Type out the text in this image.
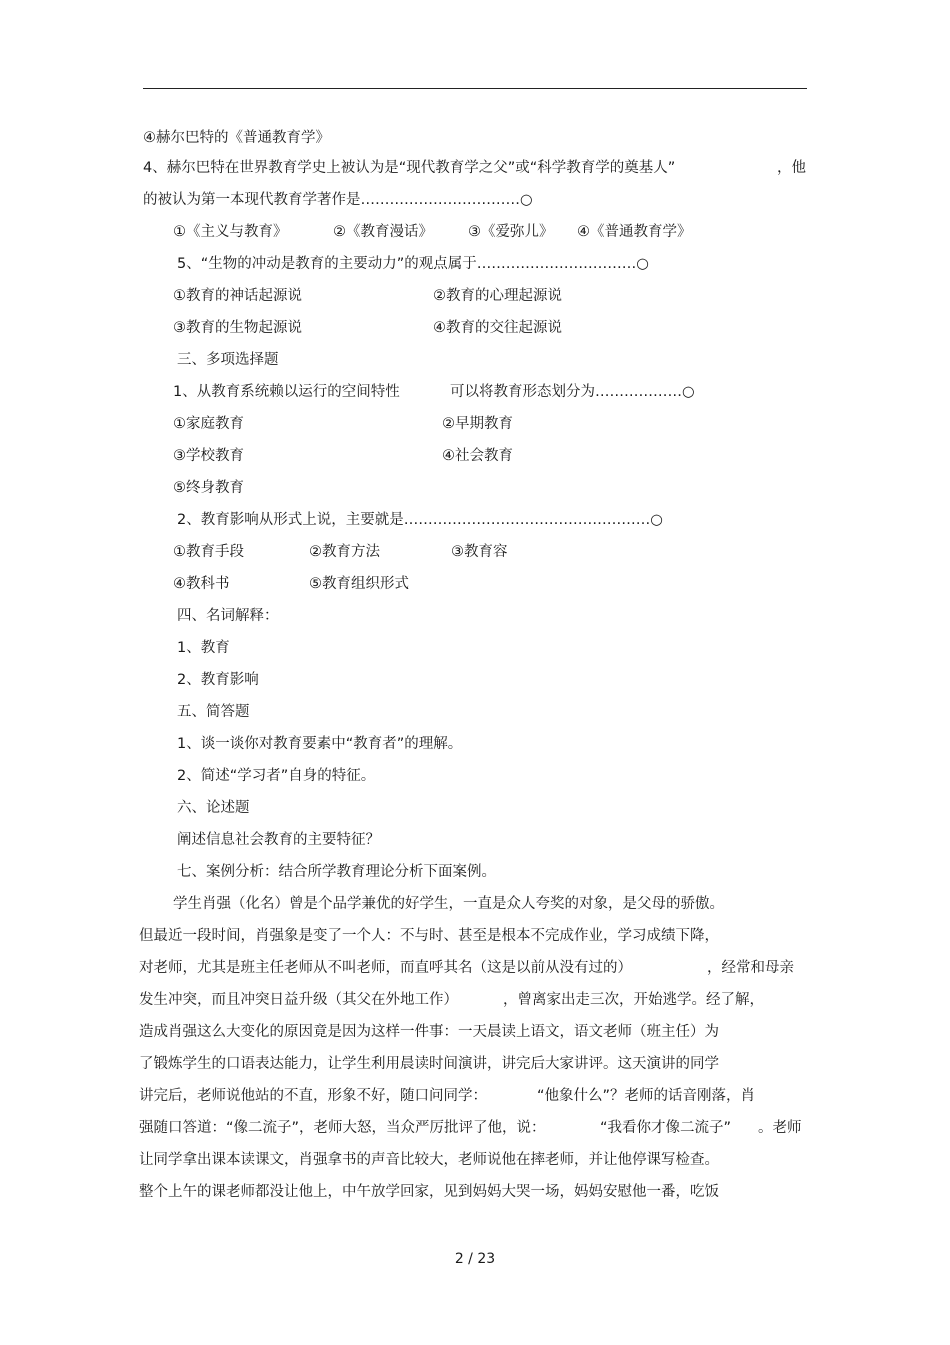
④赫尔巴特的《普通教育学》
4、赫尔巴特在世界教育学史上被认为是“现代教育学之父”或“科学教育学的奠基人”	，他
的被认为第一本现代教育学著作是……………………………○
①《主义与教育》	②《教育漫话》 ③《爱弥儿》 ④《普通教育学》
5、“生物的冲动是教育的主要动力”的观点属于……………………………○
①教育的神话起源说	②教育的心理起源说
③教育的生物起源说	④教育的交往起源说
三、多项选择题
1、从教育系统赖以运行的空间特性	可以将教育形态划分为………………○
①家庭教育	②早期教育
③学校教育	④社会教育
⑤终身教育
2、教育影响从形式上说，主要就是……………………………………………○
①教育手段	②教育方法	③教育容
④教科书	⑤教育组织形式
四、名词解释：
1、教育
2、教育影响
五、简答题
1、谈一谈你对教育要素中“教育者”的理解。
2、简述“学习者”自身的特征。
六、论述题
阐述信息社会教育的主要特征？
七、案例分析：结合所学教育理论分析下面案例。
学生肖强（化名）曾是个品学兼优的好学生，一直是众人夸奖的对象，是父母的骄傲。
但最近一段时间，肖强象是变了一个人：不与时、甚至是根本不完成作业，学习成绩下降，
对老师，尤其是班主任老师从不叫老师，而直呼其名（这是以前从没有过的）	，经常和母亲
发生冲突，而且冲突日益升级（其父在外地工作）	，曾离家出走三次，开始逃学。经了解，
造成肖强这么大变化的原因竟是因为这样一件事：一天晨读上语文，语文老师（班主任）为
了锻炼学生的口语表达能力，让学生利用晨读时间演讲，讲完后大家讲评。这天演讲的同学
讲完后，老师说他站的不直，形象不好，随口问同学：	“他象什么”？老师的话音刚落，肖
强随口答道：“像二流子”，老师大怒，当众严厉批评了他，说：	“我看你才像二流子” 。老师
让同学拿出课本读课文，肖强拿书的声音比较大，老师说他在摔老师，并让他停课写检查。
整个上午的课老师都没让他上，中午放学回家，见到妈妈大哭一场，妈妈安慰他一番，吃饭
2 / 23
